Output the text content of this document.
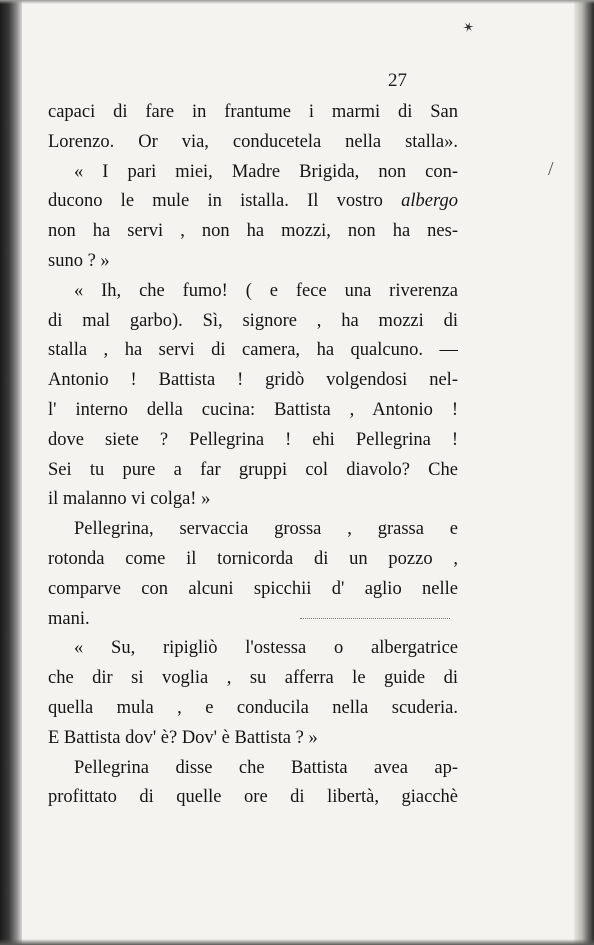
✶
/
27
capaci di fare in frantume i marmi di San
Lorenzo. Or via, conducetela nella stalla».
« I pari miei, Madre Brigida, non con-
ducono le mule in istalla. Il vostro albergo
non ha servi , non ha mozzi, non ha nes-
suno ? »
« Ih, che fumo! ( e fece una riverenza
di mal garbo). Sì, signore , ha mozzi di
stalla , ha servi di camera, ha qualcuno. —
Antonio ! Battista ! gridò volgendosi nel-
l' interno della cucina: Battista , Antonio !
dove siete ? Pellegrina ! ehi Pellegrina !
Sei tu pure a far gruppi col diavolo? Che
il malanno vi colga! »
Pellegrina, servaccia grossa , grassa e
rotonda come il tornicorda di un pozzo ,
comparve con alcuni spicchii d' aglio nelle
mani.
« Su, ripigliò l'ostessa o albergatrice
che dir si voglia , su afferra le guide di
quella mula , e conducila nella scuderia.
E Battista dov' è? Dov' è Battista ? »
Pellegrina disse che Battista avea ap-
profittato di quelle ore di libertà, giacchè
